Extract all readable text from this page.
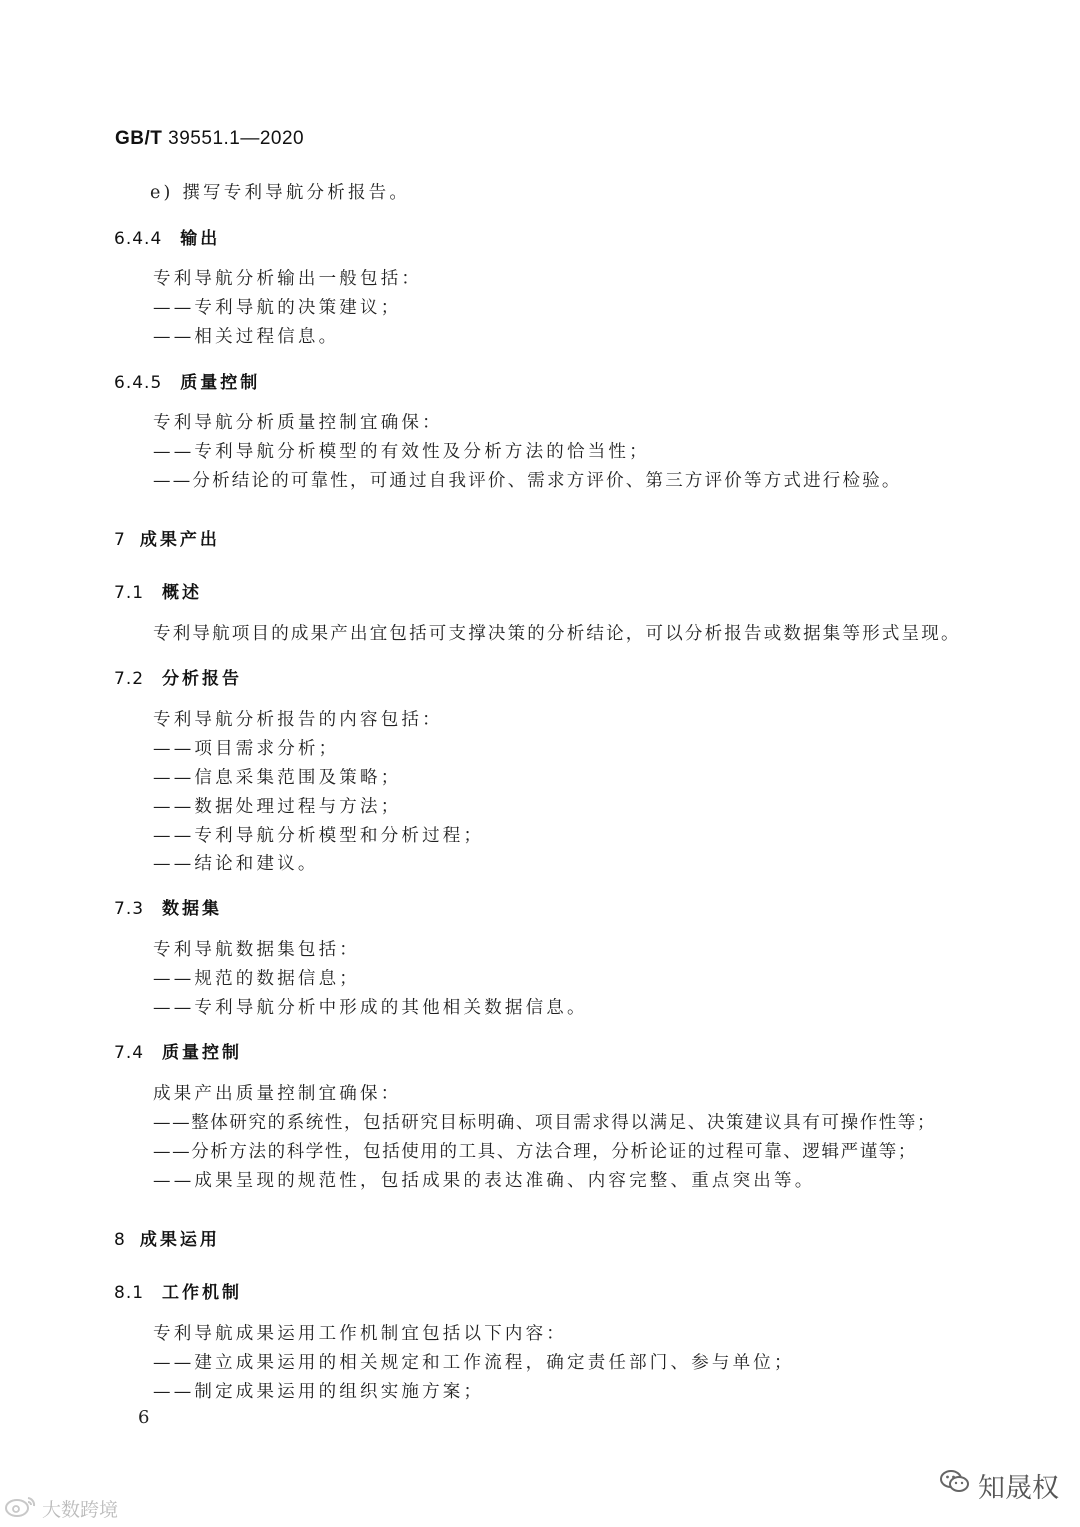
GB/T 39551.1—2020
e) 撰写专利导航分析报告。
6.4.4 输出
专利导航分析输出一般包括：
——专利导航的决策建议；
——相关过程信息。
6.4.5 质量控制
专利导航分析质量控制宜确保：
——专利导航分析模型的有效性及分析方法的恰当性；
——分析结论的可靠性，可通过自我评价、需求方评价、第三方评价等方式进行检验。
7 成果产出
7.1 概述
专利导航项目的成果产出宜包括可支撑决策的分析结论，可以分析报告或数据集等形式呈现。
7.2 分析报告
专利导航分析报告的内容包括：
——项目需求分析；
——信息采集范围及策略；
——数据处理过程与方法；
——专利导航分析模型和分析过程；
——结论和建议。
7.3 数据集
专利导航数据集包括：
——规范的数据信息；
——专利导航分析中形成的其他相关数据信息。
7.4 质量控制
成果产出质量控制宜确保：
——整体研究的系统性，包括研究目标明确、项目需求得以满足、决策建议具有可操作性等；
——分析方法的科学性，包括使用的工具、方法合理，分析论证的过程可靠、逻辑严谨等；
——成果呈现的规范性，包括成果的表达准确、内容完整、重点突出等。
8 成果运用
8.1 工作机制
专利导航成果运用工作机制宜包括以下内容：
——建立成果运用的相关规定和工作流程，确定责任部门、参与单位；
——制定成果运用的组织实施方案；
6
知晟权
大数跨境
